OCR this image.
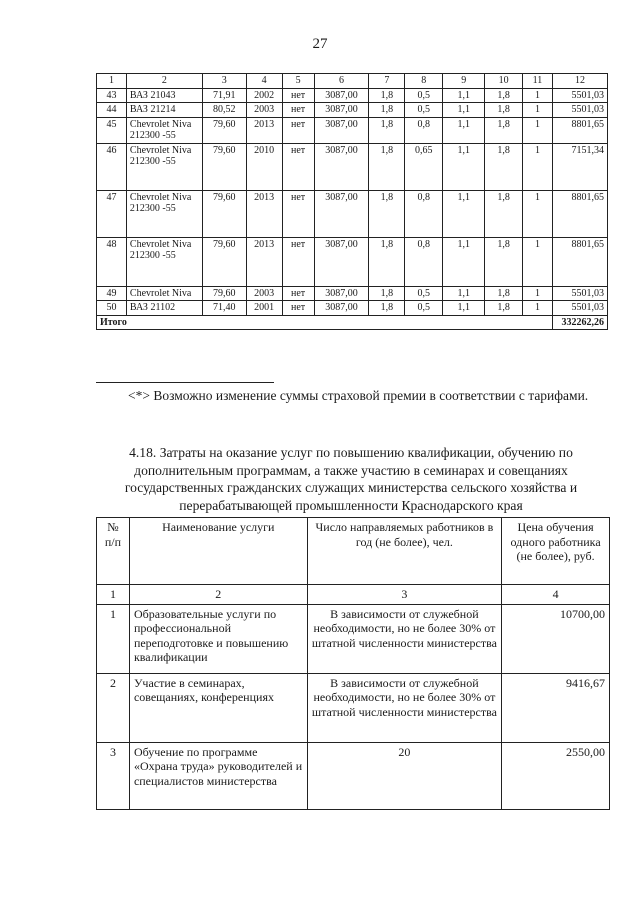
27
1	2	3	4	5	6	7	8	9	10	11	12
43	ВАЗ 21043	71,91	2002	нет	3087,00	1,8	0,5	1,1	1,8	1	5501,03
44	ВАЗ 21214	80,52	2003	нет	3087,00	1,8	0,5	1,1	1,8	1	5501,03
45	Chevrolet Niva 212300 -55	79,60	2013	нет	3087,00	1,8	0,8	1,1	1,8	1	8801,65
46	Chevrolet Niva 212300 -55	79,60	2010	нет	3087,00	1,8	0,65	1,1	1,8	1	7151,34
47	Chevrolet Niva 212300 -55	79,60	2013	нет	3087,00	1,8	0,8	1,1	1,8	1	8801,65
48	Chevrolet Niva 212300 -55	79,60	2013	нет	3087,00	1,8	0,8	1,1	1,8	1	8801,65
49	Chevrolet Niva	79,60	2003	нет	3087,00	1,8	0,5	1,1	1,8	1	5501,03
50	ВАЗ 21102	71,40	2001	нет	3087,00	1,8	0,5	1,1	1,8	1	5501,03
Итого											332262,26
<*> Возможно изменение суммы страховой премии в соответствии с тарифами.
4.18. Затраты на оказание услуг по повышению квалификации, обучению по дополнительным программам, а также участию в семинарах и совещаниях государственных гражданских служащих министерства сельского хозяйства и перерабатывающей промышленности Краснодарского края
№ п/п	Наименование услуги	Число направляемых работников в год (не более), чел.	Цена обучения одного работника (не более), руб.
1	2	3	4
1	Образовательные услуги по профессиональной переподготовке и повышению квалификации	В зависимости от служебной необходимости, но не более 30% от штатной численности министерства	10700,00
2	Участие в семинарах, совещаниях, конференциях	В зависимости от служебной необходимости, но не более 30% от штатной численности министерства	9416,67
3	Обучение по программе «Охрана труда» руководителей и специалистов министерства	20	2550,00
